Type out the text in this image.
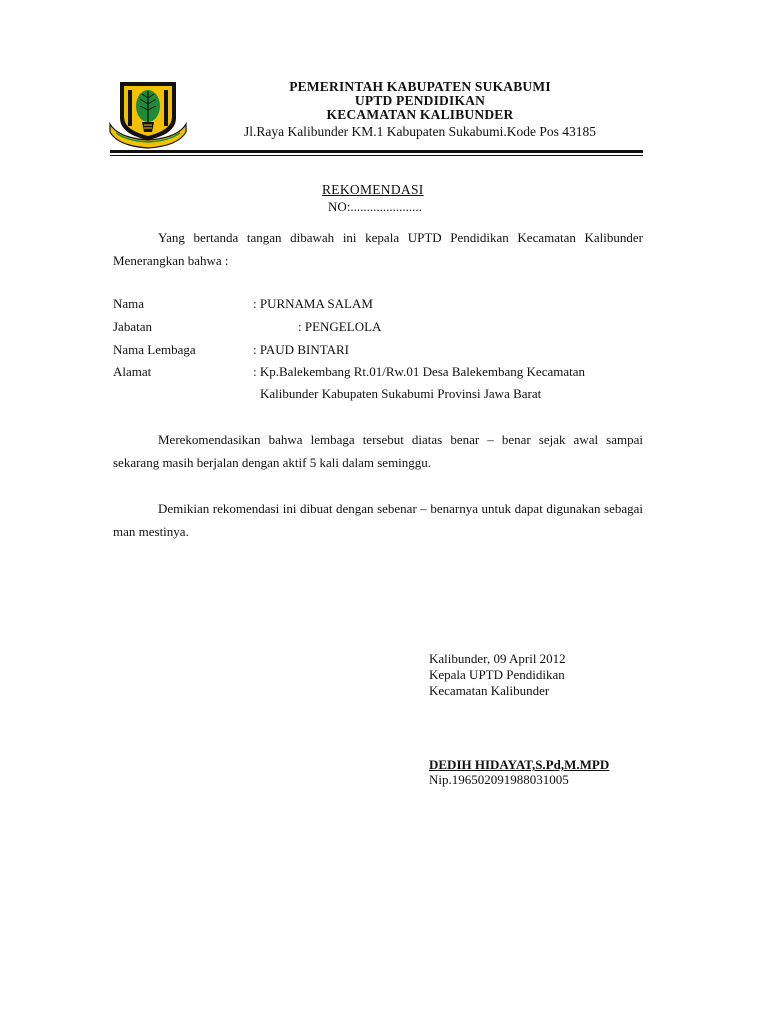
PEMERINTAH KABUPATEN SUKABUMI
UPTD PENDIDIKAN
KECAMATAN KALIBUNDER
Jl.Raya Kalibunder KM.1 Kabupaten Sukabumi.Kode Pos 43185
REKOMENDASI
NO:......................
Yang bertanda tangan dibawah ini kepala UPTD Pendidikan Kecamatan Kalibunder Menerangkan bahwa :
Nama	: PURNAMA SALAM
Jabatan	: PENGELOLA
Nama Lembaga	: PAUD BINTARI
Alamat	: Kp.Balekembang Rt.01/Rw.01 Desa Balekembang Kecamatan
Kalibunder Kabupaten Sukabumi Provinsi Jawa Barat
Merekomendasikan bahwa lembaga tersebut diatas benar – benar sejak awal sampai sekarang masih berjalan dengan aktif 5 kali dalam seminggu.
Demikian rekomendasi ini dibuat dengan sebenar – benarnya untuk dapat digunakan sebagai man mestinya.
Kalibunder, 09 April 2012
Kepala UPTD Pendidikan
Kecamatan Kalibunder
DEDIH HIDAYAT,S.Pd,M.MPD
Nip.196502091988031005
